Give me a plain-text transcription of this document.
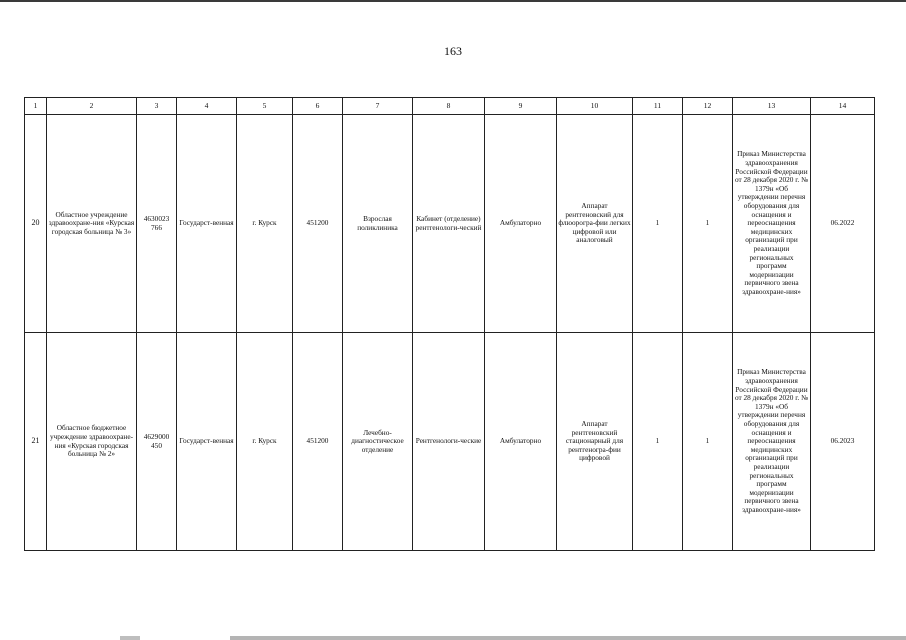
163
1	2	3	4	5	6	7	8	9	10	11	12	13	14
20	Областное учреждение здравоохране-ния «Курская городская больница № 3»	4630023 766	Государст-венная	г. Курск	451200	Взрослая поликлиника	Кабинет (отделение) рентгенологи-ческий	Амбулаторно	Аппарат рентгеновский для флюорогра-фии легких цифровой или аналоговый	1	1	Приказ Министерства здравоохранения Российской Федерации от 28 декабря 2020 г. № 1379н «Об утверждении перечня оборудования для оснащения и переоснащения медицинских организаций при реализации региональных программ модернизации первичного звена здравоохране-ния»	06.2022
21	Областное бюджетное учреждение здравоохране-ния «Курская городская больница № 2»	4629000 450	Государст-венная	г. Курск	451200	Лечебно-диагностическое отделение	Рентгенологи-ческие	Амбулаторно	Аппарат рентгеновский стационарный для рентгеногра-фии цифровой	1	1	Приказ Министерства здравоохранения Российской Федерации от 28 декабря 2020 г. № 1379н «Об утверждении перечня оборудования для оснащения и переоснащения медицинских организаций при реализации региональных программ модернизации первичного звена здравоохране-ния»	06.2023
